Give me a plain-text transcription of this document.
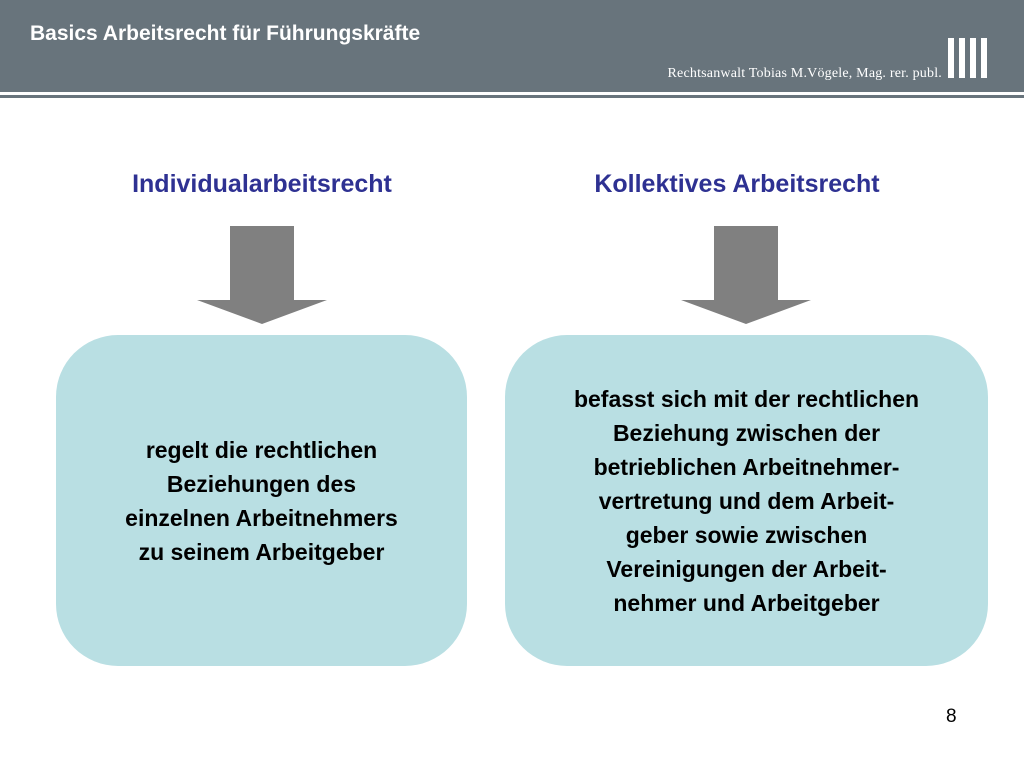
Basics Arbeitsrecht für Führungskräfte
Rechtsanwalt Tobias M.Vögele, Mag. rer. publ.
Individualarbeitsrecht	Kollektives Arbeitsrecht
regelt die rechtlichen
Beziehungen des
einzelnen Arbeitnehmers
zu seinem Arbeitgeber
befasst sich mit der rechtlichen
Beziehung zwischen der
betrieblichen Arbeitnehmer-
vertretung und dem Arbeit-
geber sowie zwischen
Vereinigungen der Arbeit-
nehmer und Arbeitgeber
8
